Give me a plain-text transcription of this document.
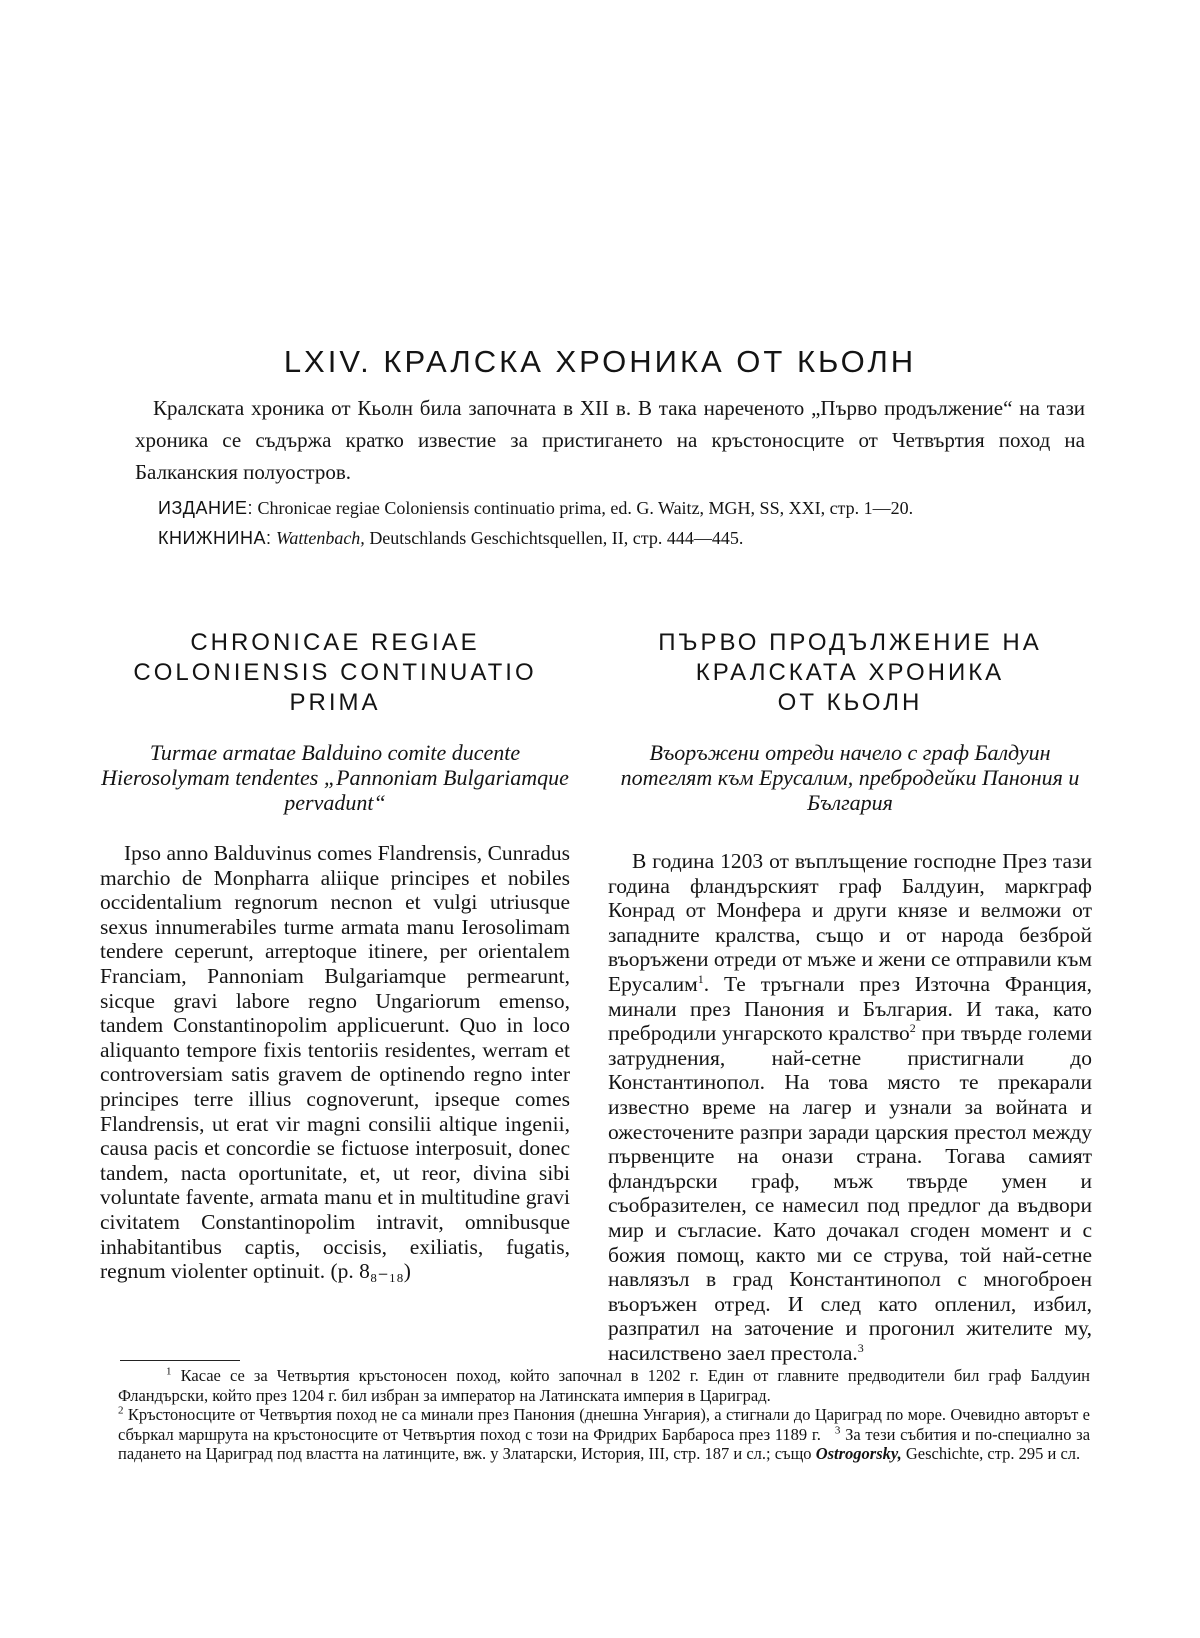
LXIV. КРАЛСКА ХРОНИКА ОТ КЬОЛН

Кралската хроника от Кьолн била започната в XII в. В така нареченото „Първо продължение“ на тази хроника се съдържа кратко известие за пристигането на кръстоносците от Четвъртия поход на Балканския полуостров.

ИЗДАНИЕ: Chronicae regiae Coloniensis continuatio prima, ed. G. Waitz, MGH, SS, XXI, стр. 1—20.

КНИЖНИНА: Wattenbach, Deutschlands Geschichtsquellen, II, стр. 444—445.

CHRONICAE REGIAE
COLONIENSIS CONTINUATIO
PRIMA

Turmae armatae Balduino comite ducente Hierosolymam tendentes „Pannoniam Bulgariamque pervadunt“

Ipso anno Balduvinus comes Flandrensis, Cunradus marchio de Monpharra aliique principes et nobiles occidentalium regnorum necnon et vulgi utriusque sexus innumerabiles turme armata manu Ierosolimam tendere ceperunt, arreptoque itinere, per orientalem Franciam, Pannoniam Bulgariamque permearunt, sicque gravi labore regno Ungariorum emenso, tandem Constantinopolim applicuerunt. Quo in loco aliquanto tempore fixis tentoriis residentes, werram et controversiam satis gravem de optinendo regno inter principes terre illius cognoverunt, ipseque comes Flandrensis, ut erat vir magni consilii altique ingenii, causa pacis et concordie se fictuose interposuit, donec tandem, nacta oportunitate, et, ut reor, divina sibi voluntate favente, armata manu et in multitudine gravi civitatem Constantinopolim intravit, omnibusque inhabitantibus captis, occisis, exiliatis, fugatis, regnum violenter optinuit. (p. 8₈₋₁₈)

ПЪРВО ПРОДЪЛЖЕНИЕ НА
КРАЛСКАТА ХРОНИКА
ОТ КЬОЛН

Въоръжени отреди начело с граф Балдуин потеглят към Ерусалим, пребродейки Панония и България

В година 1203 от въплъщение господне През тази година фландърският граф Балдуин, маркграф Конрад от Монфера и други князе и велможи от западните кралства, също и от народа безброй въоръжени отреди от мъже и жени се отправили към Ерусалим$^1$. Те тръгнали през Източна Франция, минали през Панония и България. И така, като пребродили унгарското кралство$^2$ при твърде големи затруднения, най-сетне пристигнали до Константинопол. На това място те прекарали известно време на лагер и узнали за войната и ожесточените разпри заради царския престол между първенците на онази страна. Тогава самият фландърски граф, мъж твърде умен и съобразителен, се намесил под предлог да въдвори мир и съгласие. Като дочакал сгоден момент и с божия помощ, както ми се струва, той най-сетне навлязъл в град Константинопол с многоброен въоръжен отред. И след като опленил, избил, разпратил на заточение и прогонил жителите му, насилствено заел престола.$^3$

$^1$ Касае се за Четвъртия кръстоносен поход, който започнал в 1202 г. Един от главните предводители бил граф Балдуин Фландърски, който през 1204 г. бил избран за император на Латинската империя в Цариград.

$^2$ Кръстоносците от Четвъртия поход не са минали през Панония (днешна Унгария), а стигнали до Цариград по море. Очевидно авторът е сбъркал маршрута на кръстоносците от Четвъртия поход с този на Фридрих Барбароса през 1189 г. $^3$ За тези събития и по-специално за падането на Цариград под властта на латинците, вж. у Златарски, История, III, стр. 187 и сл.; също Ostrogorsky, Geschichte, стр. 295 и сл.
